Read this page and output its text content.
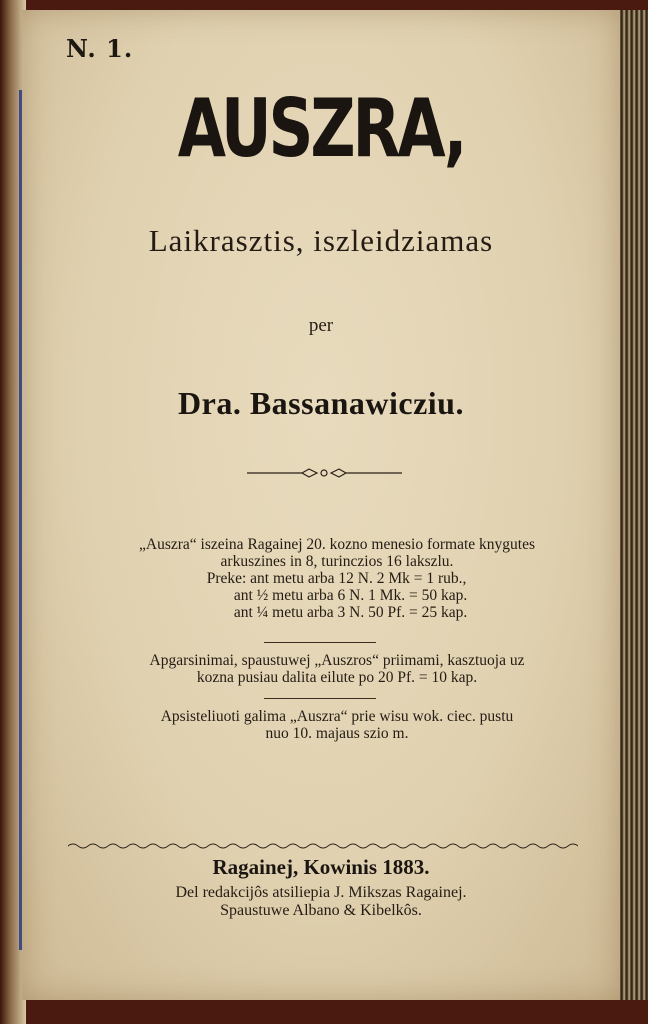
N. 1.
AUSZRA,
Laikrasztis, iszleidziamas
per
Dra. Bassanawicziu.
„Auszra“ iszeina Ragainej 20. kozno menesio formate knygutes
arkuszines in 8, turinczios 16 lakszlu.
Preke: ant metu arba 12 N. 2 Mk = 1 rub.,
ant ½ metu arba 6 N. 1 Mk. = 50 kap.
ant ¼ metu arba 3 N. 50 Pf. = 25 kap.
Apgarsinimai, spaustuwej „Auszros“ priimami, kasztuoja uz
kozna pusiau dalita eilute po 20 Pf. = 10 kap.
Apsisteliuoti galima „Auszra“ prie wisu wok. ciec. pustu
nuo 10. majaus szio m.
Ragainej, Kowinis 1883.
Del redakcijôs atsiliepia J. Mikszas Ragainej.
Spaustuwe Albano & Kibelkôs.
